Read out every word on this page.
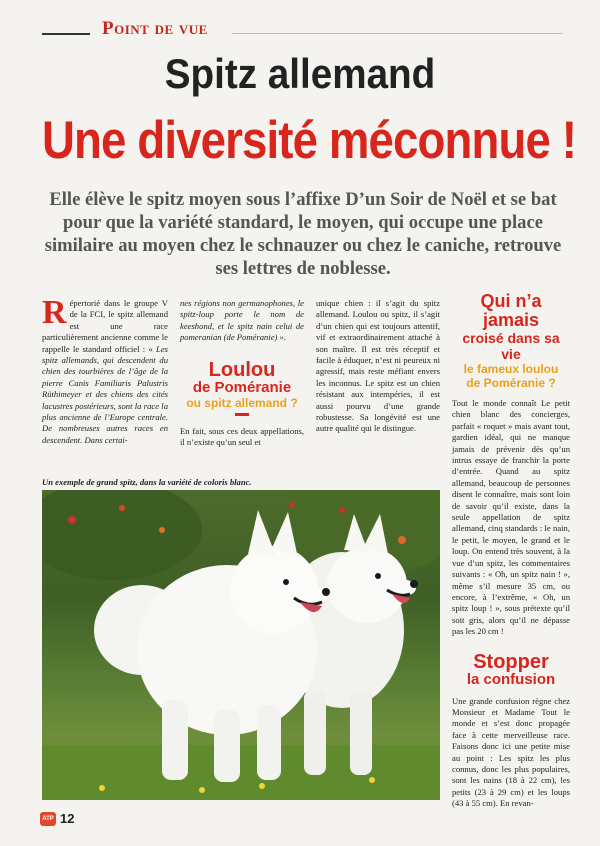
Point de vue
Spitz allemand
Une diversité méconnue !
Elle élève le spitz moyen sous l’affixe D’un Soir de Noël et se bat pour que la variété standard, le moyen, qui occupe une place similaire au moyen chez le schnauzer ou chez le caniche, retrouve ses lettres de noblesse.

Répertorié dans le groupe V de la FCI, le spitz allemand est une race particulièrement ancienne comme le rappelle le standard officiel : « Les spitz allemands, qui descendent du chien des tourbières de l’âge de la pierre Canis Familiaris Palustris Rüthimeyer et des chiens des cités lacustres postérieurs, sont la race la plus ancienne de l’Europe centrale. De nombreuses autres races en descendent. Dans certai-

nes régions non germanophones, le spitz-loup porte le nom de keeshond, et le spitz nain celui de pomeranian (de Poméranie) ».

Loulou
de Poméranie
ou spitz allemand ?

En fait, sous ces deux appellations, il n’existe qu’un seul et

unique chien : il s’agit du spitz allemand. Loulou ou spitz, il s’agit d’un chien qui est toujours attentif, vif et extraordinairement attaché à son maître. Il est très réceptif et facile à éduquer, n’est ni peureux ni agressif, mais reste méfiant envers les inconnus. Le spitz est un chien résistant aux intempéries, il est aussi pourvu d’une grande robustesse. Sa longévité est une autre qualité qui le distingue.

Qui n’a jamais
croisé dans sa vie
le fameux loulou
de Poméranie ?

Tout le monde connaît Le petit chien blanc des concierges, parfait « roquet » mais avant tout, gardien idéal, qui ne manque jamais de prévenir dès qu’un intrus essaye de franchir la porte d’entrée. Quand au spitz allemand, beaucoup de personnes disent le connaître, mais sont loin de savoir qu’il existe, dans la seule appellation de spitz allemand, cinq standards : le nain, le petit, le moyen, le grand et le loup. On entend très souvent, à la vue d’un spitz, les commentaires suivants : « Oh, un spitz nain ! », même s’il mesure 35 cm, ou encore, à l’extrême, « Oh, un spitz loup ! », sous prétexte qu’il soit gris, alors qu’il ne dépasse pas les 20 cm !

Stopper
la confusion

Une grande confusion règne chez Monsieur et Madame Tout le monde et s’est donc propagée face à cette merveilleuse race. Faisons donc ici une petite mise au point : Les spitz les plus connus, donc les plus populaires, sont les nains (18 à 22 cm), les petits (23 à 29 cm) et les loups (43 à 55 cm). En revan-

Un exemple de grand spitz, dans la variété de coloris blanc.
ATP 12
